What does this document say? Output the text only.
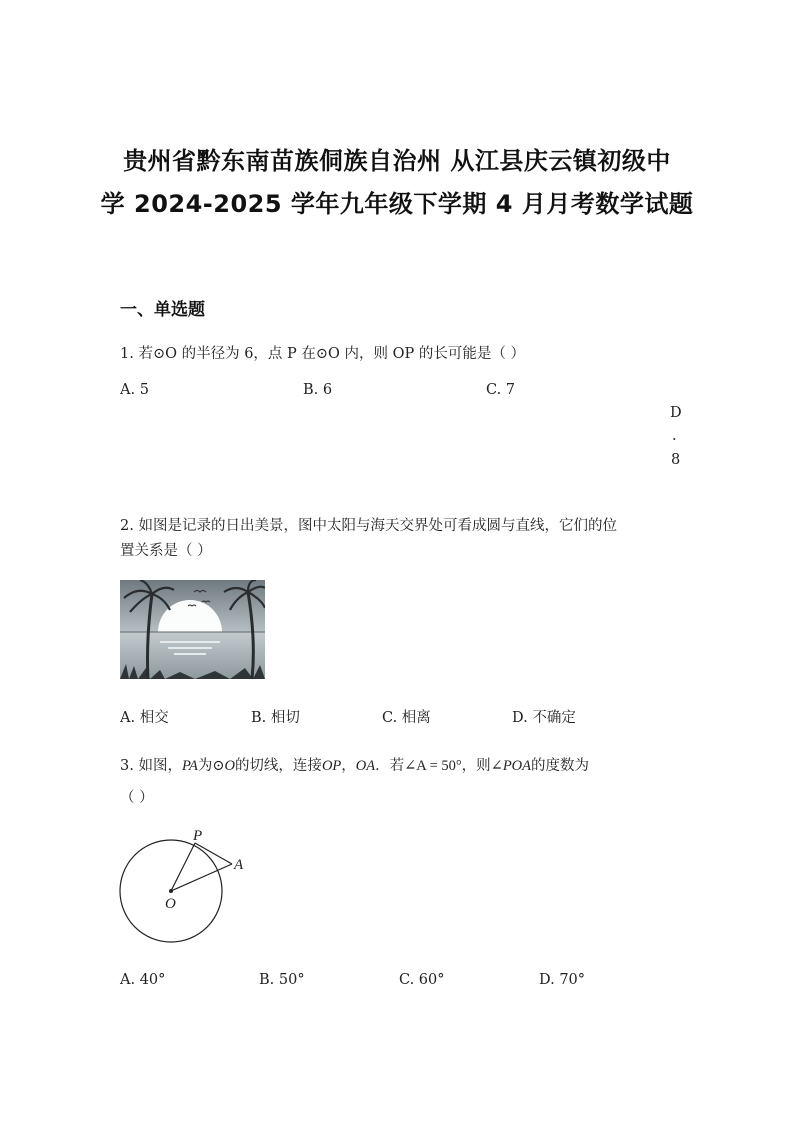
贵州省黔东南苗族侗族自治州 从江县庆云镇初级中
学 2024-2025 学年九年级下学期 4 月月考数学试题
一、单选题
1. 若⊙O 的半径为 6，点 P 在⊙O 内，则 OP 的长可能是（ ）
A. 5	B. 6	C. 7
D
.
8
2. 如图是记录的日出美景，图中太阳与海天交界处可看成圆与直线，它们的位
置关系是（ ）
A. 相交	B. 相切	C. 相离	D. 不确定
3. 如图，PA为⊙O的切线，连接OP，OA．若∠A = 50°，则∠POA的度数为
（ ）
P
A
O
A. 40°	B. 50°	C. 60°	D. 70°
